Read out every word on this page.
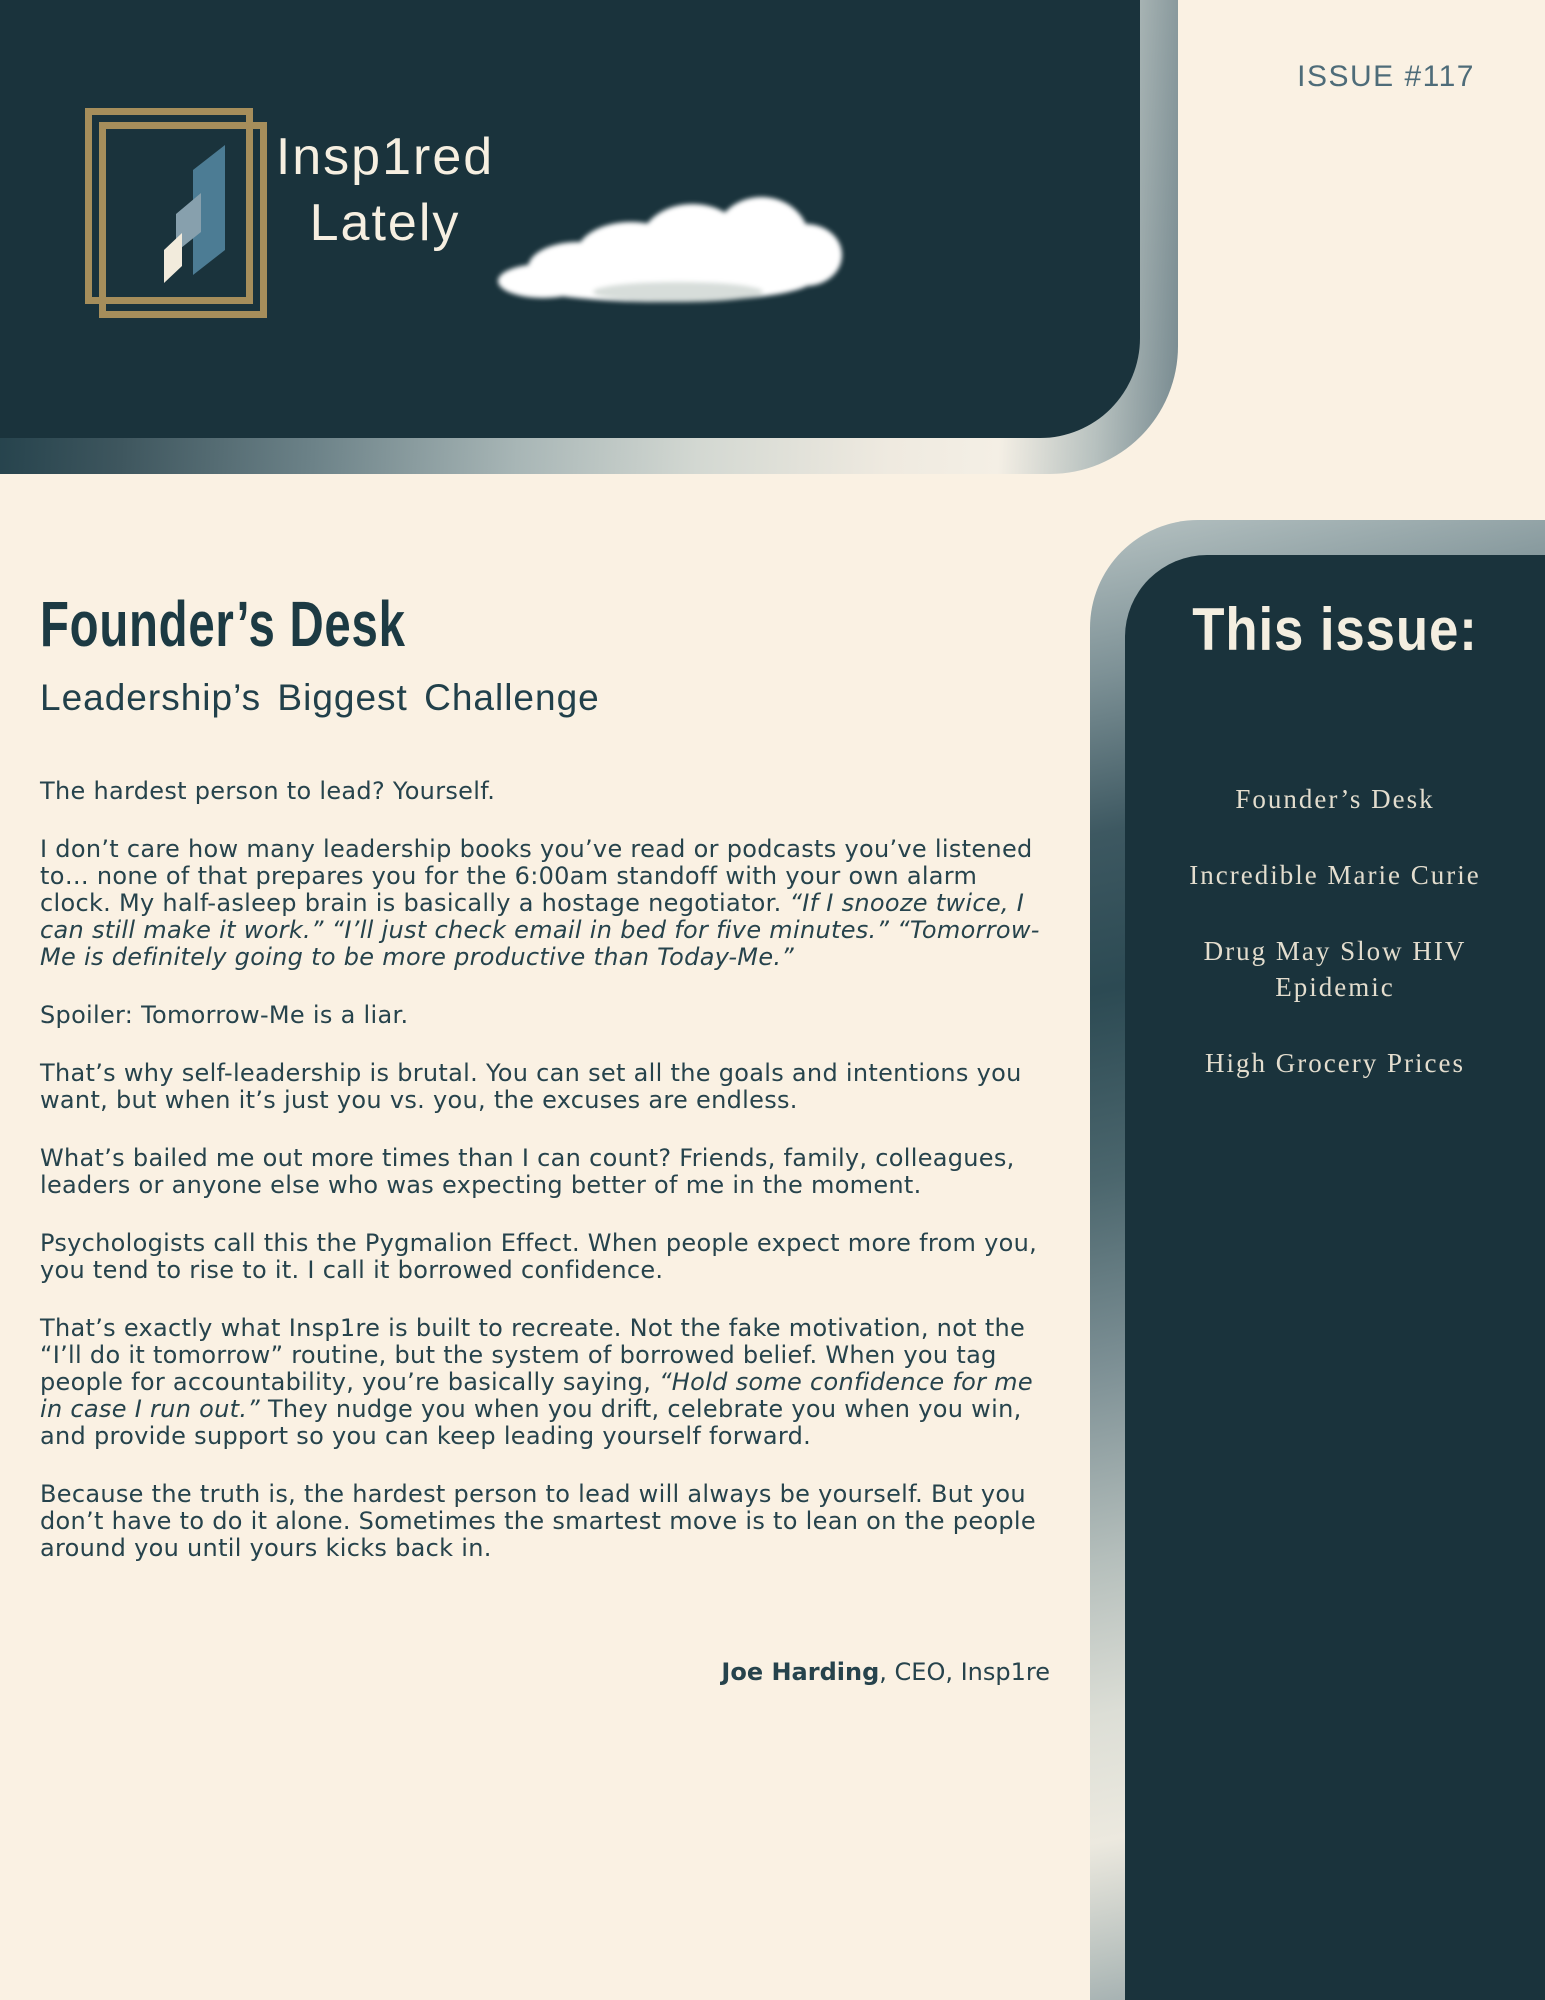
Insp1red
Lately
ISSUE #117
Founder’s Desk
Leadership’s Biggest Challenge

The hardest person to lead? Yourself.

I don’t care how many leadership books you’ve read or podcasts you’ve listened to… none of that prepares you for the 6:00am standoff with your own alarm clock. My half-asleep brain is basically a hostage negotiator. “If I snooze twice, I can still make it work.” “I’ll just check email in bed for five minutes.” “Tomorrow-Me is definitely going to be more productive than Today-Me.”

Spoiler: Tomorrow-Me is a liar.

That’s why self-leadership is brutal. You can set all the goals and intentions you want, but when it’s just you vs. you, the excuses are endless.

What’s bailed me out more times than I can count? Friends, family, colleagues, leaders or anyone else who was expecting better of me in the moment.

Psychologists call this the Pygmalion Effect. When people expect more from you, you tend to rise to it. I call it borrowed confidence.

That’s exactly what Insp1re is built to recreate. Not the fake motivation, not the “I’ll do it tomorrow” routine, but the system of borrowed belief. When you tag people for accountability, you’re basically saying, “Hold some confidence for me in case I run out.” They nudge you when you drift, celebrate you when you win, and provide support so you can keep leading yourself forward.

Because the truth is, the hardest person to lead will always be yourself. But you don’t have to do it alone. Sometimes the smartest move is to lean on the people around you until yours kicks back in.

Joe Harding, CEO, Insp1re
This issue:
Founder’s Desk
Incredible Marie Curie
Drug May Slow HIV Epidemic
High Grocery Prices
